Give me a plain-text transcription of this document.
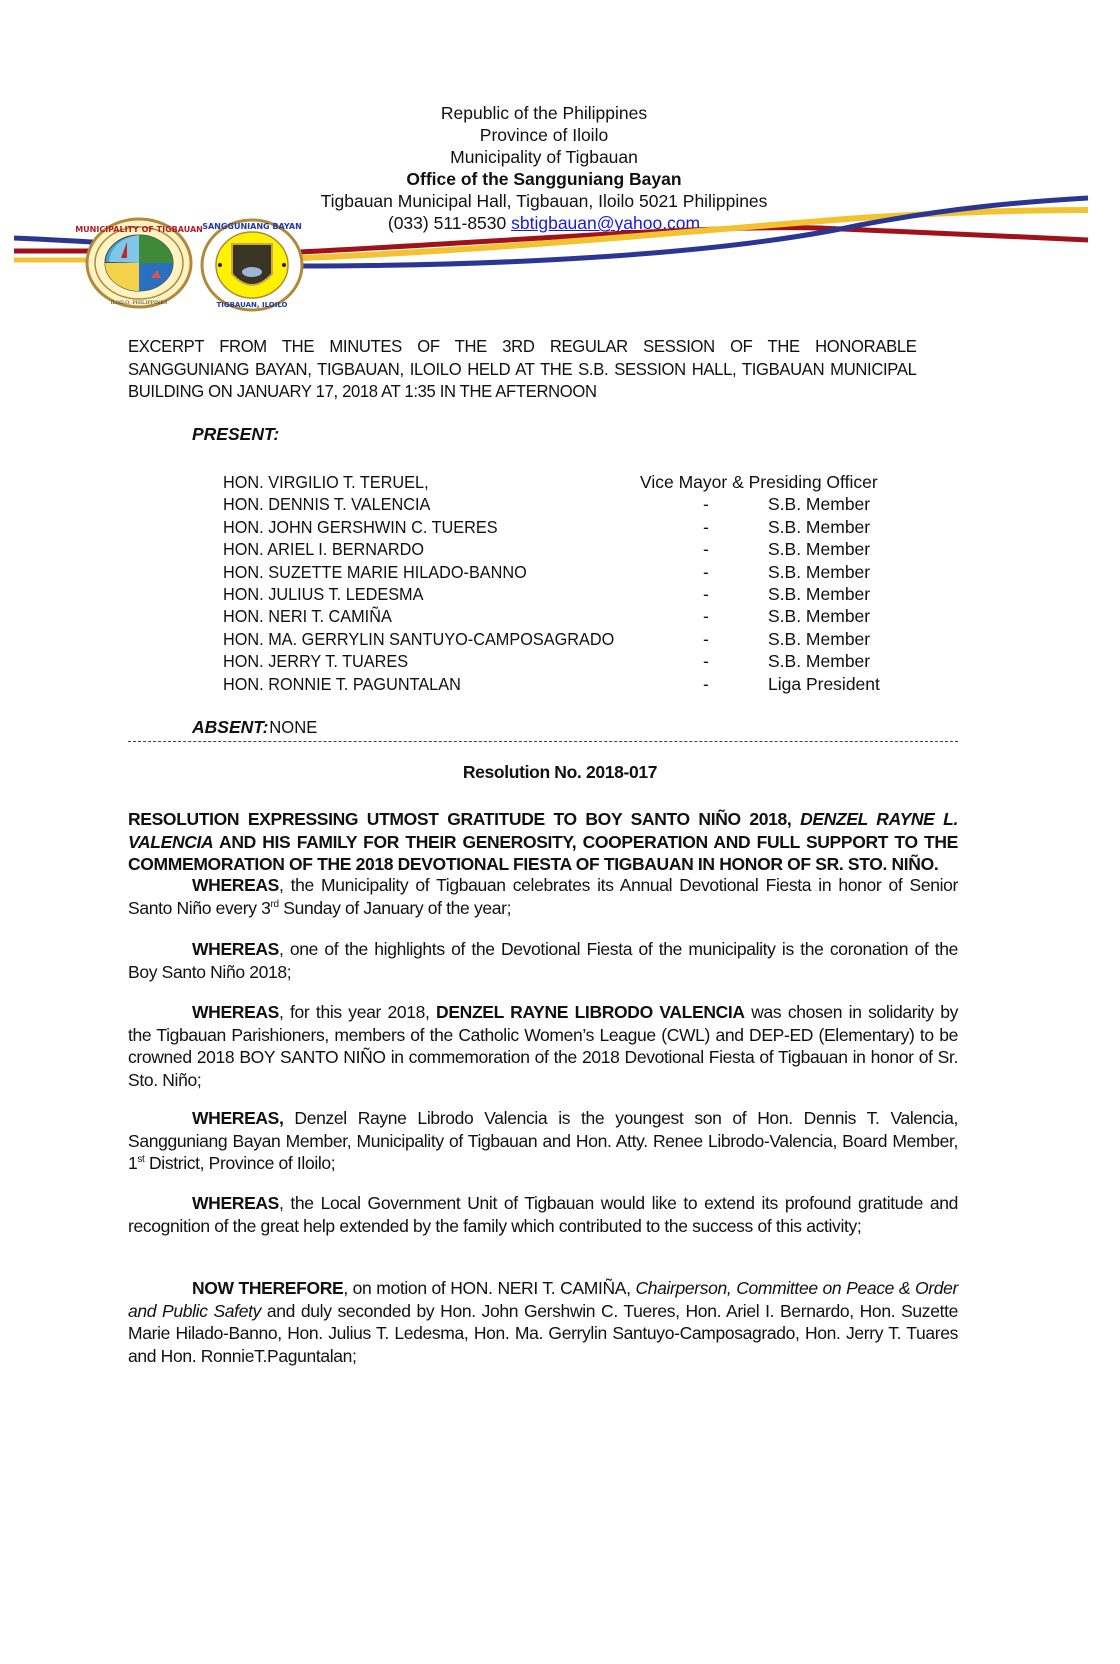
Republic of the Philippines
Province of Iloilo
Municipality of Tigbauan
Office of the Sangguniang Bayan
Tigbauan Municipal Hall, Tigbauan, Iloilo 5021 Philippines
(033) 511-8530 sbtigbauan@yahoo.com
MUNICIPALITY OF TIGBAUAN
ILOILO, PHILIPPINES
SANGGUNIANG BAYAN
TIGBAUAN, ILOILO
EXCERPT FROM THE MINUTES OF THE 3RD REGULAR SESSION OF THE HONORABLE SANGGUNIANG BAYAN, TIGBAUAN, ILOILO HELD AT THE S.B. SESSION HALL, TIGBAUAN MUNICIPAL BUILDING ON JANUARY 17, 2018 AT 1:35 IN THE AFTERNOON
PRESENT:
HON. VIRGILIO T. TERUEL,	Vice Mayor & Presiding Officer
HON. DENNIS T. VALENCIA	-	S.B. Member
HON. JOHN GERSHWIN C. TUERES	-	S.B. Member
HON. ARIEL I. BERNARDO	-	S.B. Member
HON. SUZETTE MARIE HILADO-BANNO	-	S.B. Member
HON. JULIUS T. LEDESMA	-	S.B. Member
HON. NERI T. CAMIÑA	-	S.B. Member
HON. MA. GERRYLIN SANTUYO-CAMPOSAGRADO	-	S.B. Member
HON. JERRY T. TUARES	-	S.B. Member
HON. RONNIE T. PAGUNTALAN	-	Liga President
ABSENT:NONE
Resolution No. 2018-017
RESOLUTION EXPRESSING UTMOST GRATITUDE TO BOY SANTO NIÑO 2018, DENZEL RAYNE L. VALENCIA AND HIS FAMILY FOR THEIR GENEROSITY, COOPERATION AND FULL SUPPORT TO THE COMMEMORATION OF THE 2018 DEVOTIONAL FIESTA OF TIGBAUAN IN HONOR OF SR. STO. NIÑO.
WHEREAS, the Municipality of Tigbauan celebrates its Annual Devotional Fiesta in honor of Senior Santo Niño every 3rd Sunday of January of the year;
WHEREAS, one of the highlights of the Devotional Fiesta of the municipality is the coronation of the Boy Santo Niño 2018;
WHEREAS, for this year 2018, DENZEL RAYNE LIBRODO VALENCIA was chosen in solidarity by the Tigbauan Parishioners, members of the Catholic Women’s League (CWL) and DEP-ED (Elementary) to be crowned 2018 BOY SANTO NIÑO in commemoration of the 2018 Devotional Fiesta of Tigbauan in honor of Sr. Sto. Niño;
WHEREAS, Denzel Rayne Librodo Valencia is the youngest son of Hon. Dennis T. Valencia, Sangguniang Bayan Member, Municipality of Tigbauan and Hon. Atty. Renee Librodo-Valencia, Board Member, 1st District, Province of Iloilo;
WHEREAS, the Local Government Unit of Tigbauan would like to extend its profound gratitude and recognition of the great help extended by the family which contributed to the success of this activity;
NOW THEREFORE, on motion of HON. NERI T. CAMIÑA, Chairperson, Committee on Peace & Order and Public Safety and duly seconded by Hon. John Gershwin C. Tueres, Hon. Ariel I. Bernardo, Hon. Suzette Marie Hilado-Banno, Hon. Julius T. Ledesma, Hon. Ma. Gerrylin Santuyo-Camposagrado, Hon. Jerry T. Tuares and Hon. RonnieT.Paguntalan;
